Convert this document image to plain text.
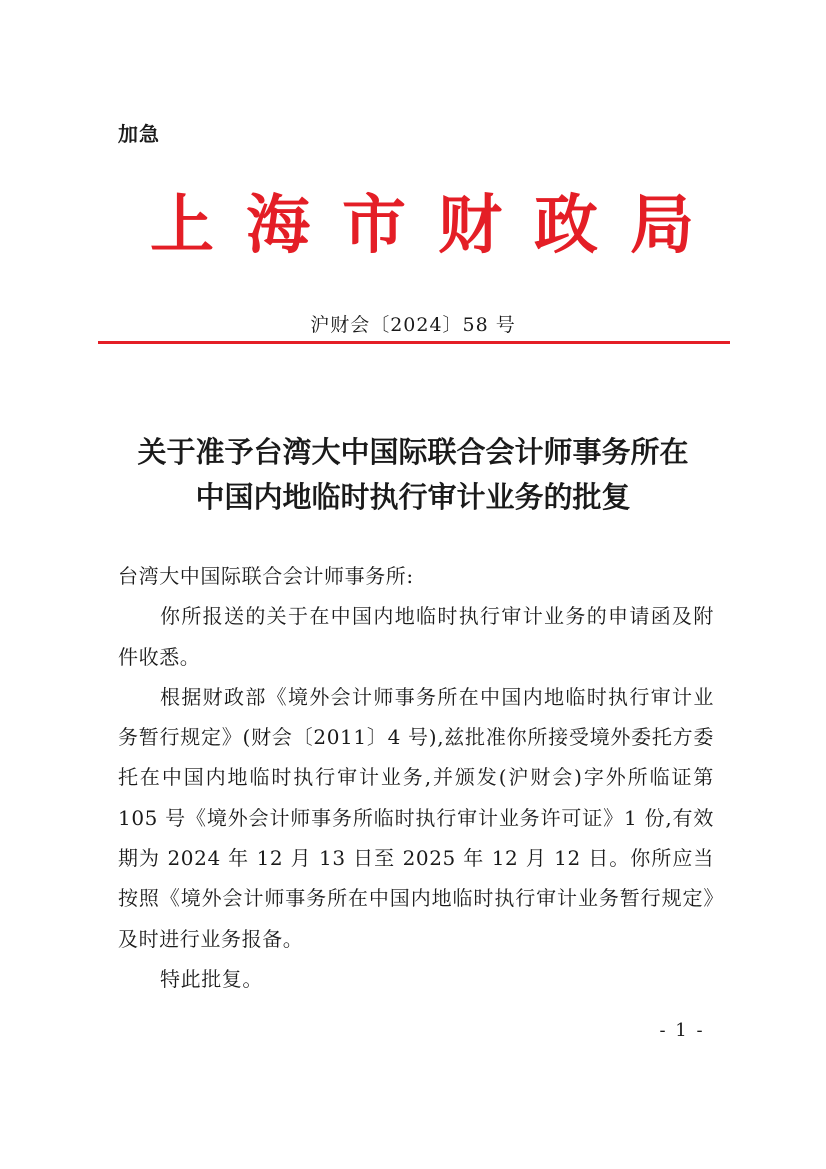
加急
上海市财政局
沪财会〔2024〕58 号
关于准予台湾大中国际联合会计师事务所在
中国内地临时执行审计业务的批复

台湾大中国际联合会计师事务所:

你所报送的关于在中国内地临时执行审计业务的申请函及附件收悉。

根据财政部《境外会计师事务所在中国内地临时执行审计业务暂行规定》(财会〔2011〕4 号),兹批准你所接受境外委托方委托在中国内地临时执行审计业务,并颁发(沪财会)字外所临证第 105 号《境外会计师事务所临时执行审计业务许可证》1 份,有效期为 2024 年 12 月 13 日至 2025 年 12 月 12 日。你所应当按照《境外会计师事务所在中国内地临时执行审计业务暂行规定》及时进行业务报备。

特此批复。

- 1 -
